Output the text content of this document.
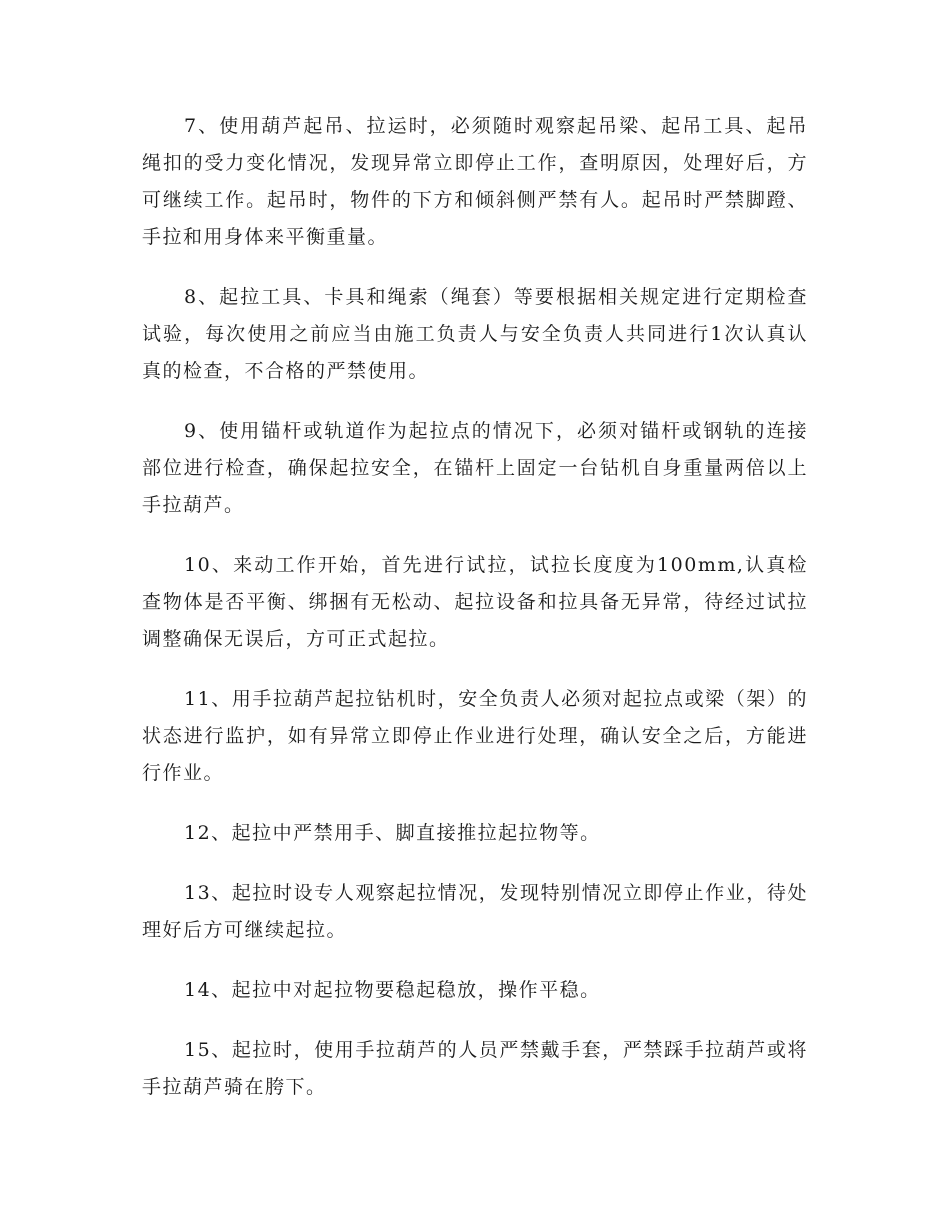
7、使用葫芦起吊、拉运时，必须随时观察起吊梁、起吊工具、起吊绳扣的受力变化情况，发现异常立即停止工作，查明原因，处理好后，方可继续工作。起吊时，物件的下方和倾斜侧严禁有人。起吊时严禁脚蹬、手拉和用身体来平衡重量。

8、起拉工具、卡具和绳索（绳套）等要根据相关规定进行定期检查试验，每次使用之前应当由施工负责人与安全负责人共同进行1次认真认真的检查，不合格的严禁使用。

9、使用锚杆或轨道作为起拉点的情况下，必须对锚杆或钢轨的连接部位进行检查，确保起拉安全，在锚杆上固定一台钻机自身重量两倍以上手拉葫芦。

10、来动工作开始，首先进行试拉，试拉长度度为100mm,认真检查物体是否平衡、绑捆有无松动、起拉设备和拉具备无异常，待经过试拉调整确保无误后，方可正式起拉。

11、用手拉葫芦起拉钻机时，安全负责人必须对起拉点或梁（架）的状态进行监护，如有异常立即停止作业进行处理，确认安全之后，方能进行作业。

12、起拉中严禁用手、脚直接推拉起拉物等。

13、起拉时设专人观察起拉情况，发现特别情况立即停止作业，待处理好后方可继续起拉。

14、起拉中对起拉物要稳起稳放，操作平稳。

15、起拉时，使用手拉葫芦的人员严禁戴手套，严禁踩手拉葫芦或将手拉葫芦骑在胯下。
